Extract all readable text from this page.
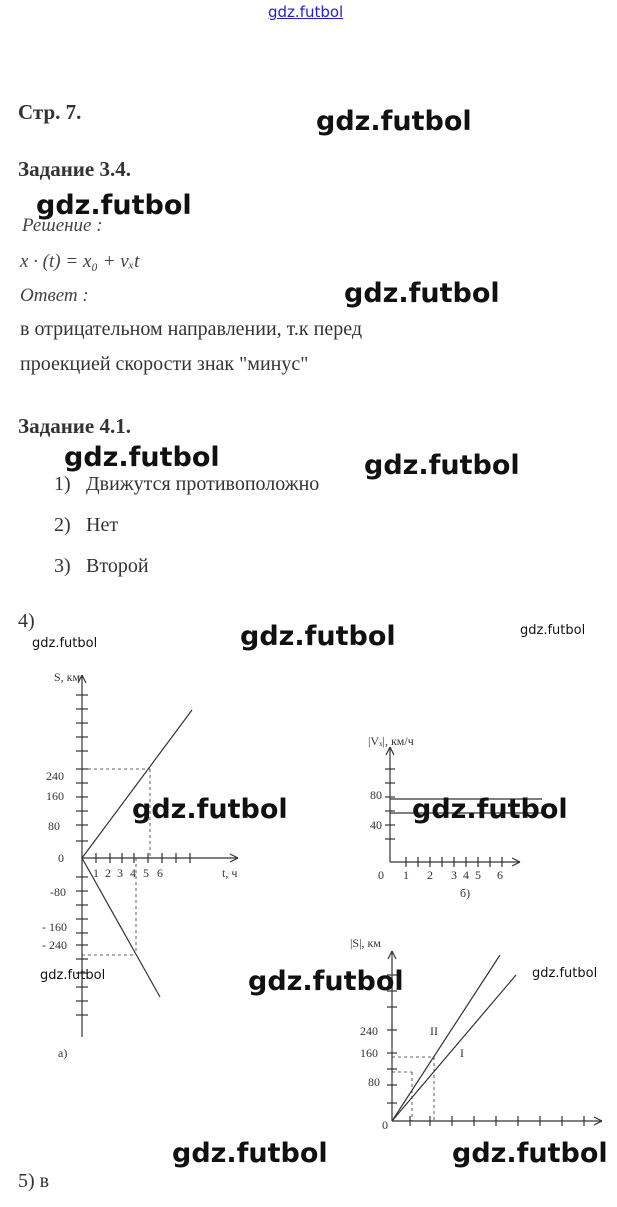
gdz.futbol
Стр. 7.	gdz.futbol
Задание 3.4.
gdz.futbol
Решение :
x · (t) = x₀ + vₓt
Ответ :	gdz.futbol
в отрицательном направлении, т.к перед
проекцией скорости знак "минус"
Задание 4.1.
gdz.futbol	gdz.futbol
1) Движутся противоположно
2) Нет
3) Второй
4)
gdz.futbol	gdz.futbol	gdz.futbol
S, км
240
160
80
0
-80
- 160
- 240
1 2 3 4 5 6	t, ч
а)
|Vₓ|, км/ч
80
40
0 1 2 3 4 5 6
б)
|S|, км
240
160
80
0
II
I
gdz.futbol	gdz.futbol
gdz.futbol	gdz.futbol	gdz.futbol
gdz.futbol	gdz.futbol
5) в
